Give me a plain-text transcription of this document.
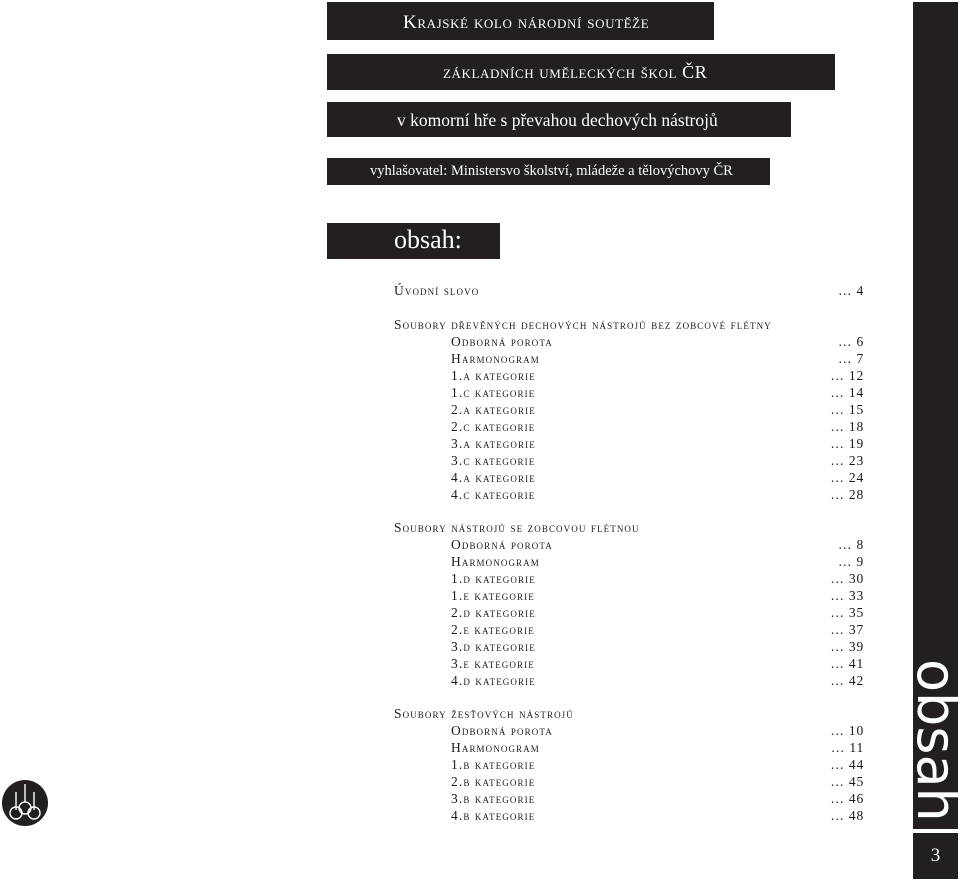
Krajské kolo národní soutěže
základních uměleckých škol ČR
v komorní hře s převahou dechových nástrojů
vyhlašovatel: Ministersvo školství, mládeže a tělovýchovy ČR
obsah:
obsah
3
Úvodní slovo	… 4
Soubory dřevěných dechových nástrojů bez zobcové flétny
Odborná porota	… 6
Harmonogram	… 7
1.a kategorie	… 12
1.c kategorie	… 14
2.a kategorie	… 15
2.c kategorie	… 18
3.a kategorie	… 19
3.c kategorie	… 23
4.a kategorie	… 24
4.c kategorie	… 28
Soubory nástrojů se zobcovou flétnou
Odborná porota	… 8
Harmonogram	… 9
1.d kategorie	… 30
1.e kategorie	… 33
2.d kategorie	… 35
2.e kategorie	… 37
3.d kategorie	… 39
3.e kategorie	… 41
4.d kategorie	… 42
Soubory žesťových nástrojů
Odborná porota	… 10
Harmonogram	… 11
1.b kategorie	… 44
2.b kategorie	… 45
3.b kategorie	… 46
4.b kategorie	… 48
